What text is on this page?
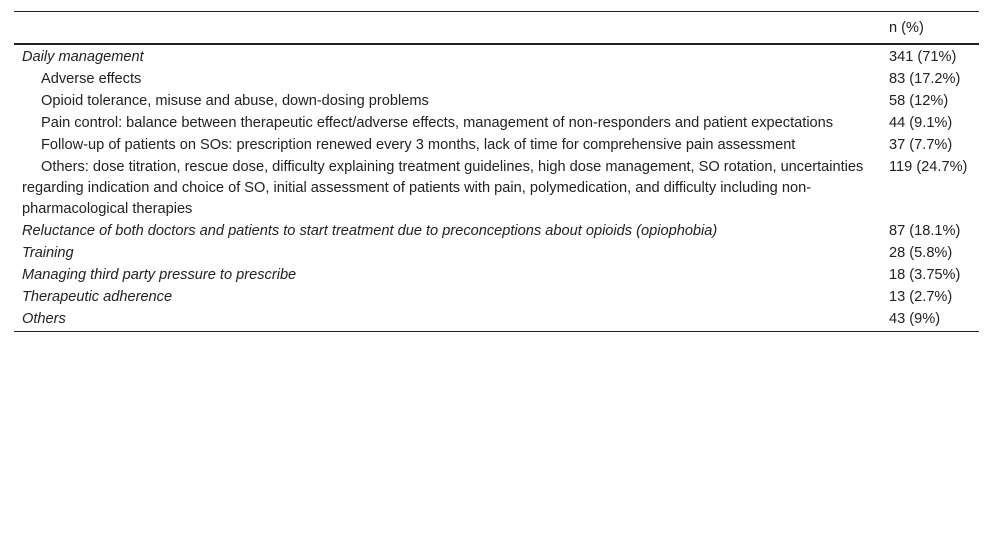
	n (%)
Daily management	341 (71%)
Adverse effects	83 (17.2%)
Opioid tolerance, misuse and abuse, down-dosing problems	58 (12%)
Pain control: balance between therapeutic effect/adverse effects, management of non-responders and patient expectations	44 (9.1%)
Follow-up of patients on SOs: prescription renewed every 3 months, lack of time for comprehensive pain assessment	37 (7.7%)
Others: dose titration, rescue dose, difficulty explaining treatment guidelines, high dose management, SO rotation, uncertainties regarding indication and choice of SO, initial assessment of patients with pain, polymedication, and difficulty including non-pharmacological therapies	119 (24.7%)
Reluctance of both doctors and patients to start treatment due to preconceptions about opioids (opiophobia)	87 (18.1%)
Training	28 (5.8%)
Managing third party pressure to prescribe	18 (3.75%)
Therapeutic adherence	13 (2.7%)
Others	43 (9%)
